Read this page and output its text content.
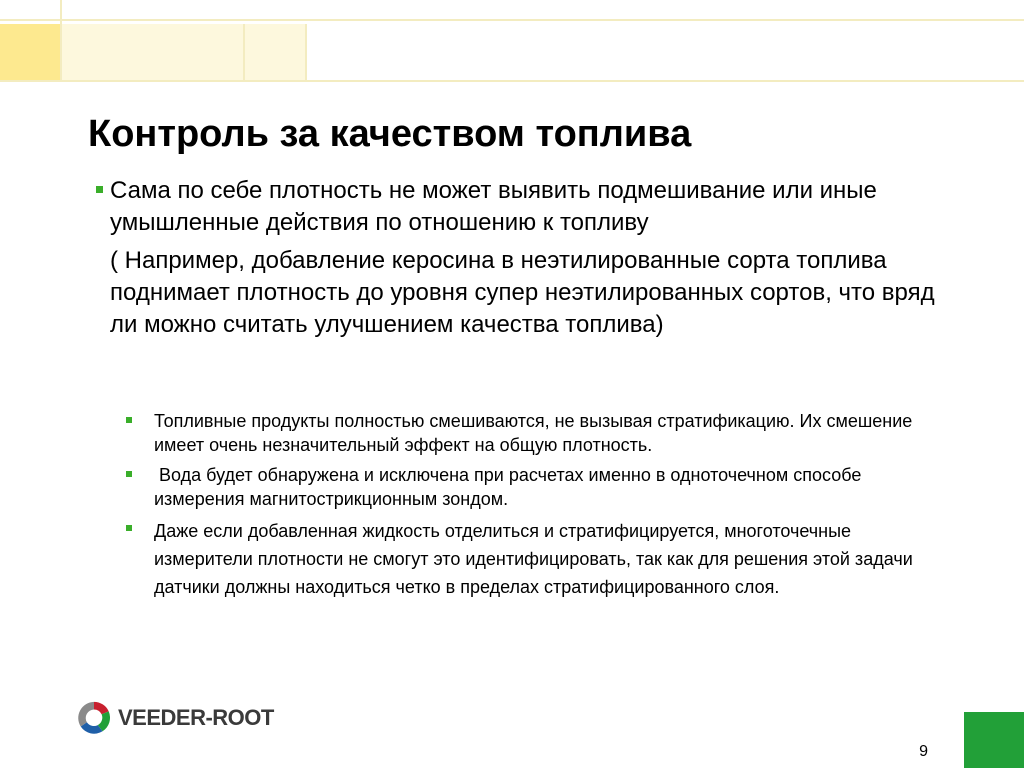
Контроль за качеством топлива

Сама по себе плотность не может выявить подмешивание или иные умышленные действия по отношению к топливу

( Например, добавление керосина в неэтилированные сорта топлива поднимает плотность до уровня супер неэтилированных сортов, что вряд ли можно считать улучшением качества топлива)

Топливные продукты полностью смешиваются, не вызывая стратификацию. Их смешение имеет очень незначительный эффект на общую плотность.
Вода будет обнаружена и исключена при расчетах именно в одноточечном способе измерения магнитострикционным зондом.
Даже если добавленная жидкость отделиться и стратифицируется, многоточечные измерители плотности не смогут это идентифицировать, так как для решения этой задачи датчики должны находиться четко в пределах стратифицированного слоя.
VEEDER-ROOT
9
